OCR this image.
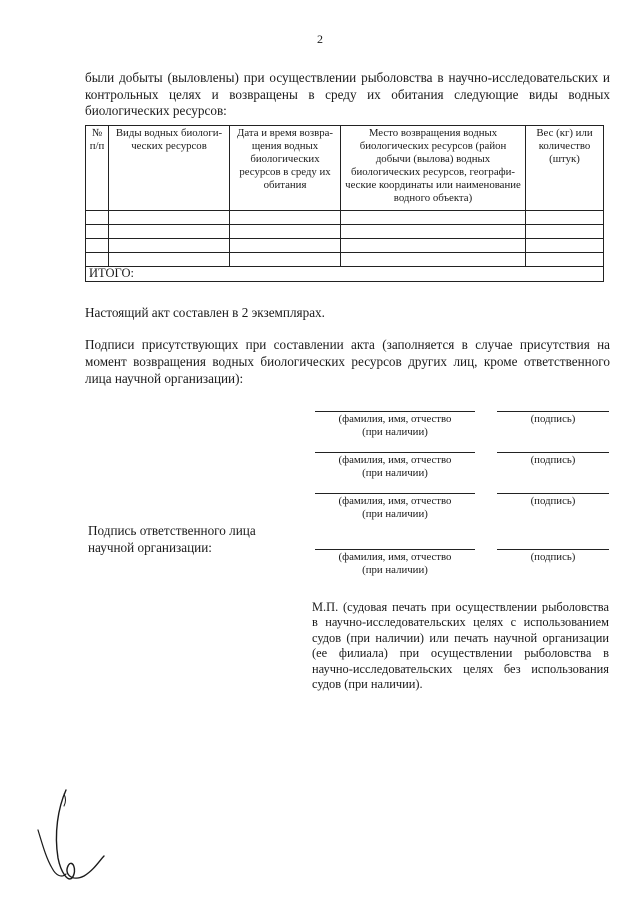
2
были добыты (выловлены) при осуществлении рыболовства в научно-исследовательских и контрольных целях и возвращены в среду их обитания следующие виды водных биологических ресурсов:
№ п/п	Виды водных биологи-ческих ресурсов	Дата и время возвра-щения водных биологических ресурсов в среду их обитания	Место возвращения водных биологических ресурсов (район добычи (вылова) водных биологических ресурсов, географи-ческие координаты или наименование водного объекта)	Вес (кг) или количество (штук)

ИТОГО:				
Настоящий акт составлен в 2 экземплярах.
Подписи присутствующих при составлении акта (заполняется в случае присутствия на момент возвращения водных биологических ресурсов других лиц, кроме ответственного лица научной организации):
(фамилия, имя, отчество
(при наличии)
(подпись)
(фамилия, имя, отчество
(при наличии)
(подпись)
(фамилия, имя, отчество
(при наличии)
(подпись)
Подпись ответственного лица
научной организации:
(фамилия, имя, отчество
(при наличии)
(подпись)
М.П. (судовая печать при осуществлении рыболовства в научно-исследовательских целях с использованием судов (при наличии) или печать научной организации (ее филиала) при осуществлении рыболовства в научно-исследовательских целях без использования судов (при наличии).
